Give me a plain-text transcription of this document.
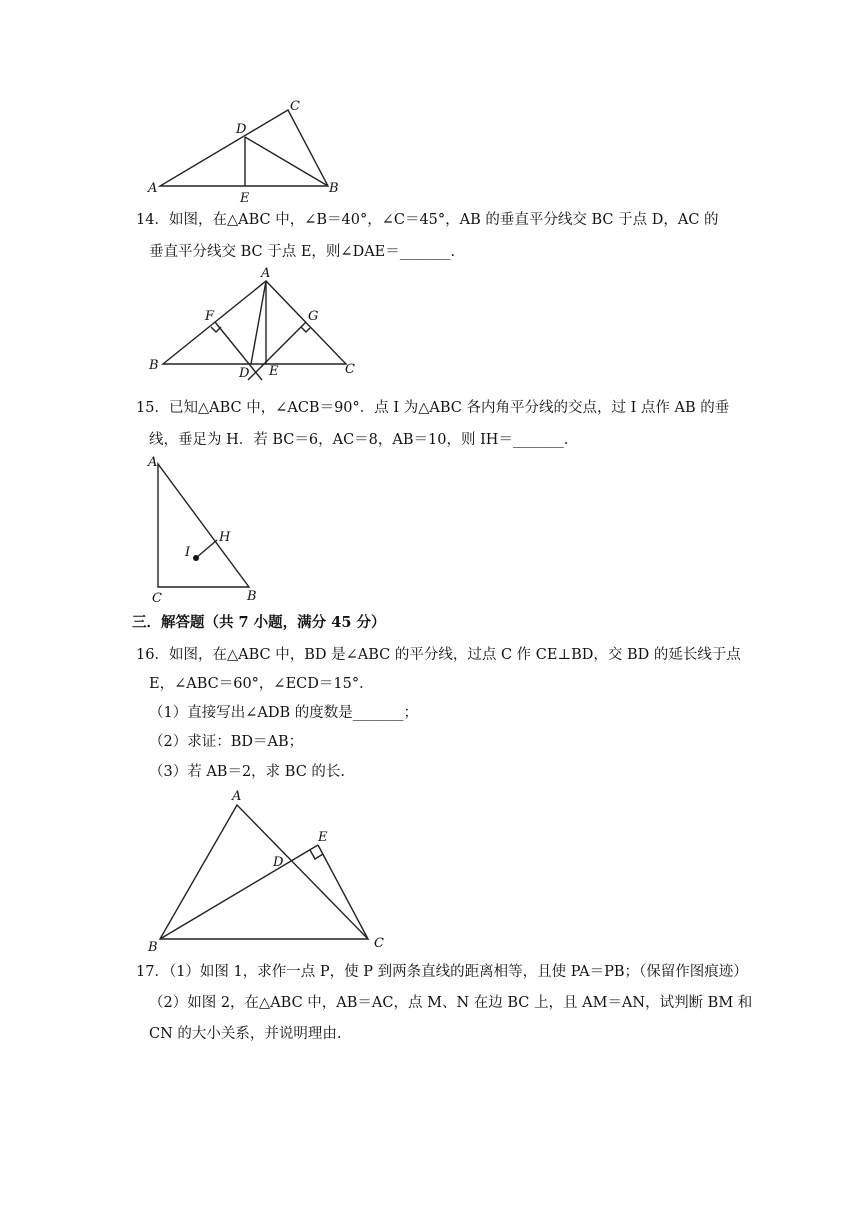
A	B
C
D
E
14．如图，在△ABC 中，∠B＝40°，∠C＝45°，AB 的垂直平分线交 BC 于点 D，AC 的
垂直平分线交 BC 于点 E，则∠DAE＝_______.
B	C
A
F	G
D E
15．已知△ABC 中，∠ACB＝90°．点 I 为△ABC 各内角平分线的交点，过 I 点作 AB 的垂
线，垂足为 H．若 BC＝6，AC＝8，AB＝10，则 IH＝_______.
A
C	B
H
I
三．解答题（共 7 小题，满分 45 分）
16．如图，在△ABC 中，BD 是∠ABC 的平分线，过点 C 作 CE⊥BD，交 BD 的延长线于点
E，∠ABC＝60°，∠ECD＝15°．
（1）直接写出∠ADB 的度数是_______；
（2）求证：BD＝AB；
（3）若 AB＝2，求 BC 的长.
A
B	C
D
E
17．（1）如图 1，求作一点 P，使 P 到两条直线的距离相等，且使 PA＝PB；（保留作图痕迹）
（2）如图 2，在△ABC 中，AB＝AC，点 M、N 在边 BC 上，且 AM＝AN，试判断 BM 和
CN 的大小关系，并说明理由.
